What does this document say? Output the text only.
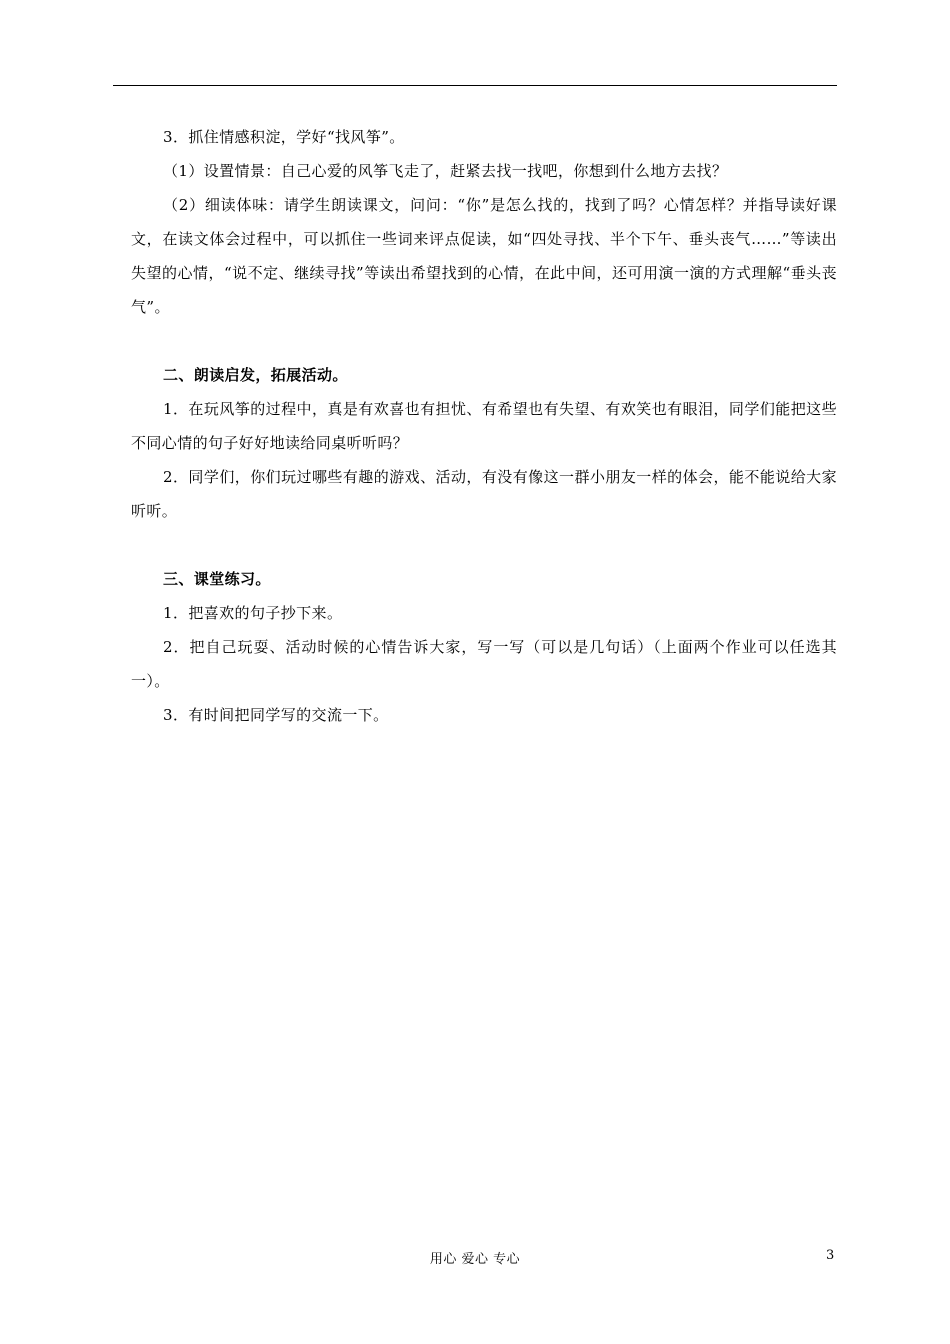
3．抓住情感积淀，学好“找风筝”。

（1）设置情景：自己心爱的风筝飞走了，赶紧去找一找吧，你想到什么地方去找？

（2）细读体味：请学生朗读课文，问问：“你”是怎么找的，找到了吗？心情怎样？并指导读好课文，在读文体会过程中，可以抓住一些词来评点促读，如“四处寻找、半个下午、垂头丧气……”等读出失望的心情，“说不定、继续寻找”等读出希望找到的心情，在此中间，还可用演一演的方式理解“垂头丧气”。

二、朗读启发，拓展活动。

1．在玩风筝的过程中，真是有欢喜也有担忧、有希望也有失望、有欢笑也有眼泪，同学们能把这些不同心情的句子好好地读给同桌听听吗？

2．同学们，你们玩过哪些有趣的游戏、活动，有没有像这一群小朋友一样的体会，能不能说给大家听听。

三、课堂练习。

1．把喜欢的句子抄下来。

2．把自己玩耍、活动时候的心情告诉大家，写一写（可以是几句话）（上面两个作业可以任选其一）。

3．有时间把同学写的交流一下。

用心 爱心 专心	3
